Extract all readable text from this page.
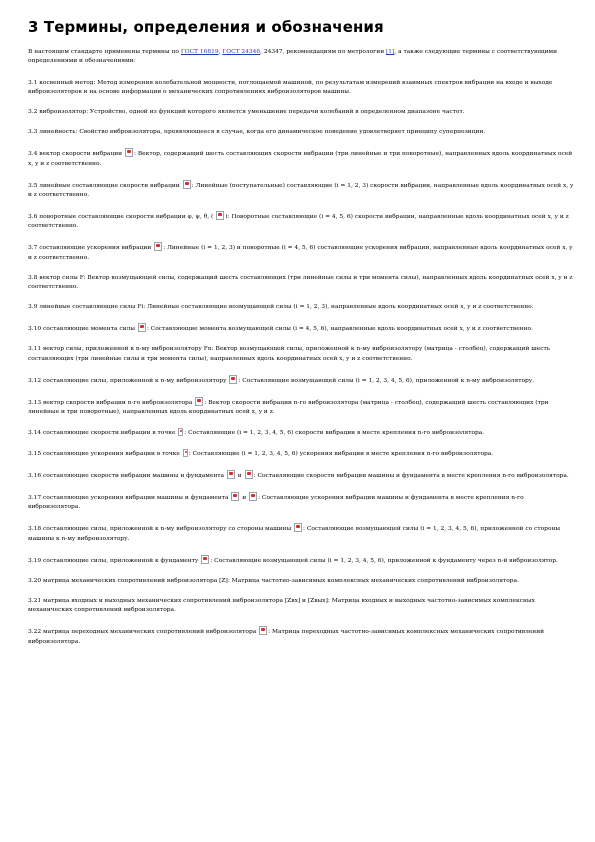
3 Термины, определения и обозначения
В настоящем стандарте применены термины по ГОСТ 16819, ГОСТ 24346, 24347, рекомендациям по метрологии [1], а также следующие термины с соответствующими определениями и обозначениями:
3.1 косвенный метод: Метод измерения колебательной мощности, поглощаемой машиной, по результатам измерений взаимных спектров вибрации на входе и выходе виброизоляторов и на основе информации о механических сопротивлениях виброизоляторов машины.
3.2 виброизолятор: Устройство, одной из функций которого является уменьшение передачи колебаний в определенном диапазоне частот.
3.3 линейность: Свойство виброизолятора, проявляющееся в случае, когда его динамическое поведение удовлетворяет принципу суперпозиции.
3.4 вектор скорости вибрации : Вектор, содержащий шесть составляющих скорости вибрации (три линейные и три поворотные), направленных вдоль координатных осей x, y и z соответственно.
3.5 линейные составляющие скорости вибрации : Линейные (поступательные) составляющие (i = 1, 2, 3) скорости вибрации, направленные вдоль координатных осей x, y и z соответственно.
3.6 поворотные составляющие скорости вибрации φ, ψ, θ, ( ): Поворотные составляющие (i = 4, 5, 6) скорости вибрации, направленные вдоль координатных осей x, y и z соответственно.
3.7 составляющие ускорения вибрации : Линейные (i = 1, 2, 3) и поворотные (i = 4, 5, 6) составляющие ускорения вибрации, направленные вдоль координатных осей x, y и z соответственно.
3.8 вектор силы F: Вектор возмущающей силы, содержащий шесть составляющих (три линейные силы и три момента силы), направленных вдоль координатных осей x, y и z соответственно.
3.9 линейные составляющие силы Fi: Линейные составляющие возмущающей силы (i = 1, 2, 3), направленные вдоль координатных осей x, y и z соответственно.
3.10 составляющие момента силы : Составляющие момента возмущающей силы (i = 4, 5, 6), направленные вдоль координатных осей x, y и z соответственно.
3.11 вектор силы, приложенной к n-му виброизолятору Fn: Вектор возмущающей силы, приложенной к n-му виброизолятору (матрица - столбец), содержащий шесть составляющих (три линейные силы и три момента силы), направленных вдоль координатных осей x, y и z соответственно.
3.12 составляющие силы, приложенной к n-му виброизолятору : Составляющие возмущающей силы (i = 1, 2, 3, 4, 5, 6), приложенной к n-му виброизолятору.
3.13 вектор скорости вибрации n-го виброизолятора : Вектор скорости вибрации n-го виброизолятора (матрица - столбец), содержащий шесть составляющих (три линейные и три поворотные), направленных вдоль координатных осей x, y и z.
3.14 составляющие скорости вибрации в точке : Составляющие (i = 1, 2, 3, 4, 5, 6) скорости вибрации в месте крепления n-го виброизолятора.
3.15 составляющие ускорения вибрации в точке : Составляющие (i = 1, 2, 3, 4, 5, 6) ускорения вибрации в месте крепления n-го виброизолятора.
3.16 составляющие скорости вибрации машины и фундамента  и : Составляющие скорости вибрации машины и фундамента в месте крепления n-го виброизолятора.
3.17 составляющие ускорения вибрации машины и фундамента  и : Составляющие ускорения вибрации машины и фундамента в месте крепления n-го виброизолятора.
3.18 составляющие силы, приложенной к n-му виброизолятору со стороны машины : Составляющие возмущающей силы (i = 1, 2, 3, 4, 5, 6), приложенной со стороны машины к n-му виброизолятору.
3.19 составляющие силы, приложенной к фундаменту : Составляющие возмущающей силы (i = 1, 2, 3, 4, 5, 6), приложенной к фундаменту через n-й виброизолятор.
3.20 матрица механических сопротивлений виброизолятора [Z]: Матрица частотно-зависимых комплексных механических сопротивлений виброизолятора.
3.21 матрица входных и выходных механических сопротивлений виброизолятора [Zвх] и [Zвых]: Матрица входных и выходных частотно-зависимых комплексных механических сопротивлений виброизолятора.
3.22 матрица переходных механических сопротивлений виброизолятора : Матрица переходных частотно-зависимых комплексных механических сопротивлений виброизолятора.
